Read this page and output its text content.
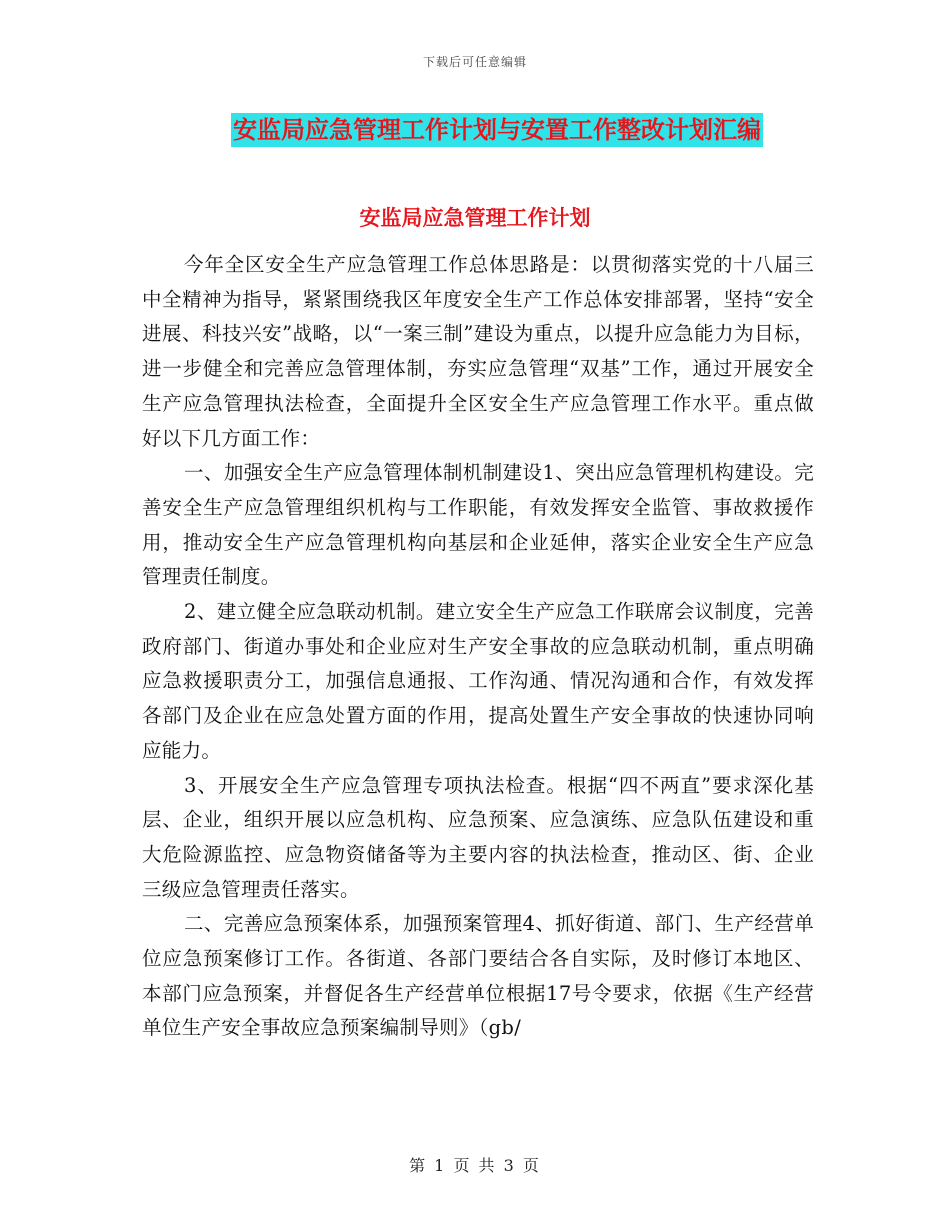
下载后可任意编辑
安监局应急管理工作计划与安置工作整改计划汇编
安监局应急管理工作计划

今年全区安全生产应急管理工作总体思路是：以贯彻落实党的十八届三中全精神为指导，紧紧围绕我区年度安全生产工作总体安排部署，坚持“安全进展、科技兴安”战略，以“一案三制”建设为重点，以提升应急能力为目标，进一步健全和完善应急管理体制，夯实应急管理“双基”工作，通过开展安全生产应急管理执法检查，全面提升全区安全生产应急管理工作水平。重点做好以下几方面工作：

一、加强安全生产应急管理体制机制建设1、突出应急管理机构建设。完善安全生产应急管理组织机构与工作职能，有效发挥安全监管、事故救援作用，推动安全生产应急管理机构向基层和企业延伸，落实企业安全生产应急管理责任制度。

2、建立健全应急联动机制。建立安全生产应急工作联席会议制度，完善政府部门、街道办事处和企业应对生产安全事故的应急联动机制，重点明确应急救援职责分工，加强信息通报、工作沟通、情况沟通和合作，有效发挥各部门及企业在应急处置方面的作用，提高处置生产安全事故的快速协同响应能力。

3、开展安全生产应急管理专项执法检查。根据“四不两直”要求深化基层、企业，组织开展以应急机构、应急预案、应急演练、应急队伍建设和重大危险源监控、应急物资储备等为主要内容的执法检查，推动区、街、企业三级应急管理责任落实。

二、完善应急预案体系，加强预案管理4、抓好街道、部门、生产经营单位应急预案修订工作。各街道、各部门要结合各自实际，及时修订本地区、本部门应急预案，并督促各生产经营单位根据17号令要求，依据《生产经营单位生产安全事故应急预案编制导则》（gb/

第 1 页 共 3 页
